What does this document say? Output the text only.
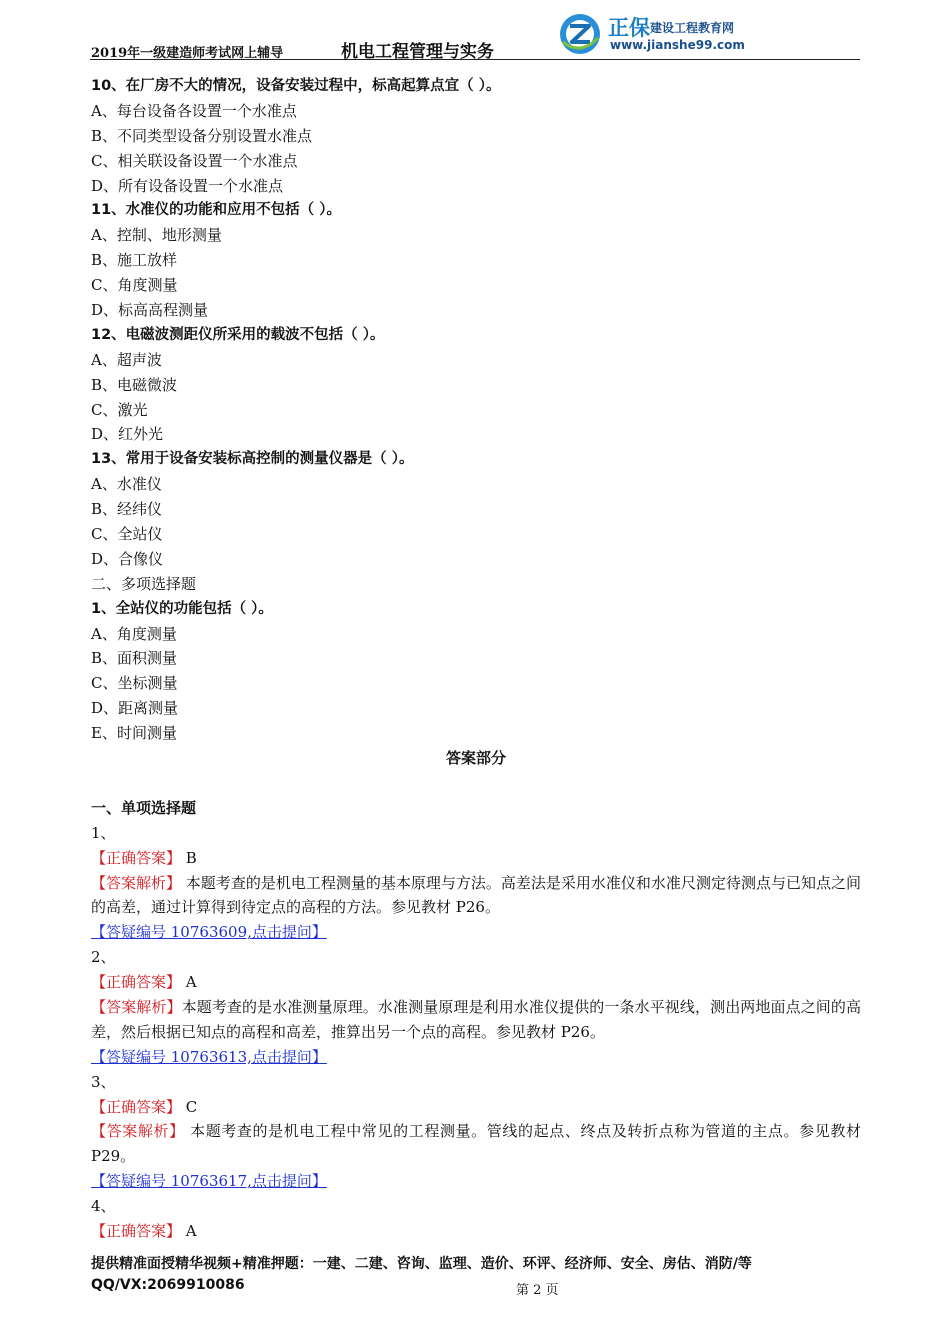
2019年一级建造师考试网上辅导	机电工程管理与实务
正保 建设工程教育网
www.jianshe99.com
10、在厂房不大的情况，设备安装过程中，标高起算点宜（ ）。
A、每台设备各设置一个水准点
B、不同类型设备分别设置水准点
C、相关联设备设置一个水准点
D、所有设备设置一个水准点
11、水准仪的功能和应用不包括（ ）。
A、控制、地形测量
B、施工放样
C、角度测量
D、标高高程测量
12、电磁波测距仪所采用的载波不包括（ ）。
A、超声波
B、电磁微波
C、激光
D、红外光
13、常用于设备安装标高控制的测量仪器是（ ）。
A、水准仪
B、经纬仪
C、全站仪
D、合像仪
二、多项选择题
1、全站仪的功能包括（ ）。
A、角度测量
B、面积测量
C、坐标测量
D、距离测量
E、时间测量
答案部分
一、单项选择题
1、
【正确答案】 B
【答案解析】 本题考查的是机电工程测量的基本原理与方法。高差法是采用水准仪和水准尺测定待测点与已知点之间的高差，通过计算得到待定点的高程的方法。参见教材 P26。
【答疑编号 10763609,点击提问】
2、
【正确答案】 A
【答案解析】本题考查的是水准测量原理。水准测量原理是利用水准仪提供的一条水平视线，测出两地面点之间的高差，然后根据已知点的高程和高差，推算出另一个点的高程。参见教材 P26。
【答疑编号 10763613,点击提问】
3、
【正确答案】 C
【答案解析】 本题考查的是机电工程中常见的工程测量。管线的起点、终点及转折点称为管道的主点。参见教材 P29。
【答疑编号 10763617,点击提问】
4、
【正确答案】 A
提供精准面授精华视频+精准押题：一建、二建、咨询、监理、造价、环评、经济师、安全、房估、消防/等
QQ/VX:2069910086	第 2 页
